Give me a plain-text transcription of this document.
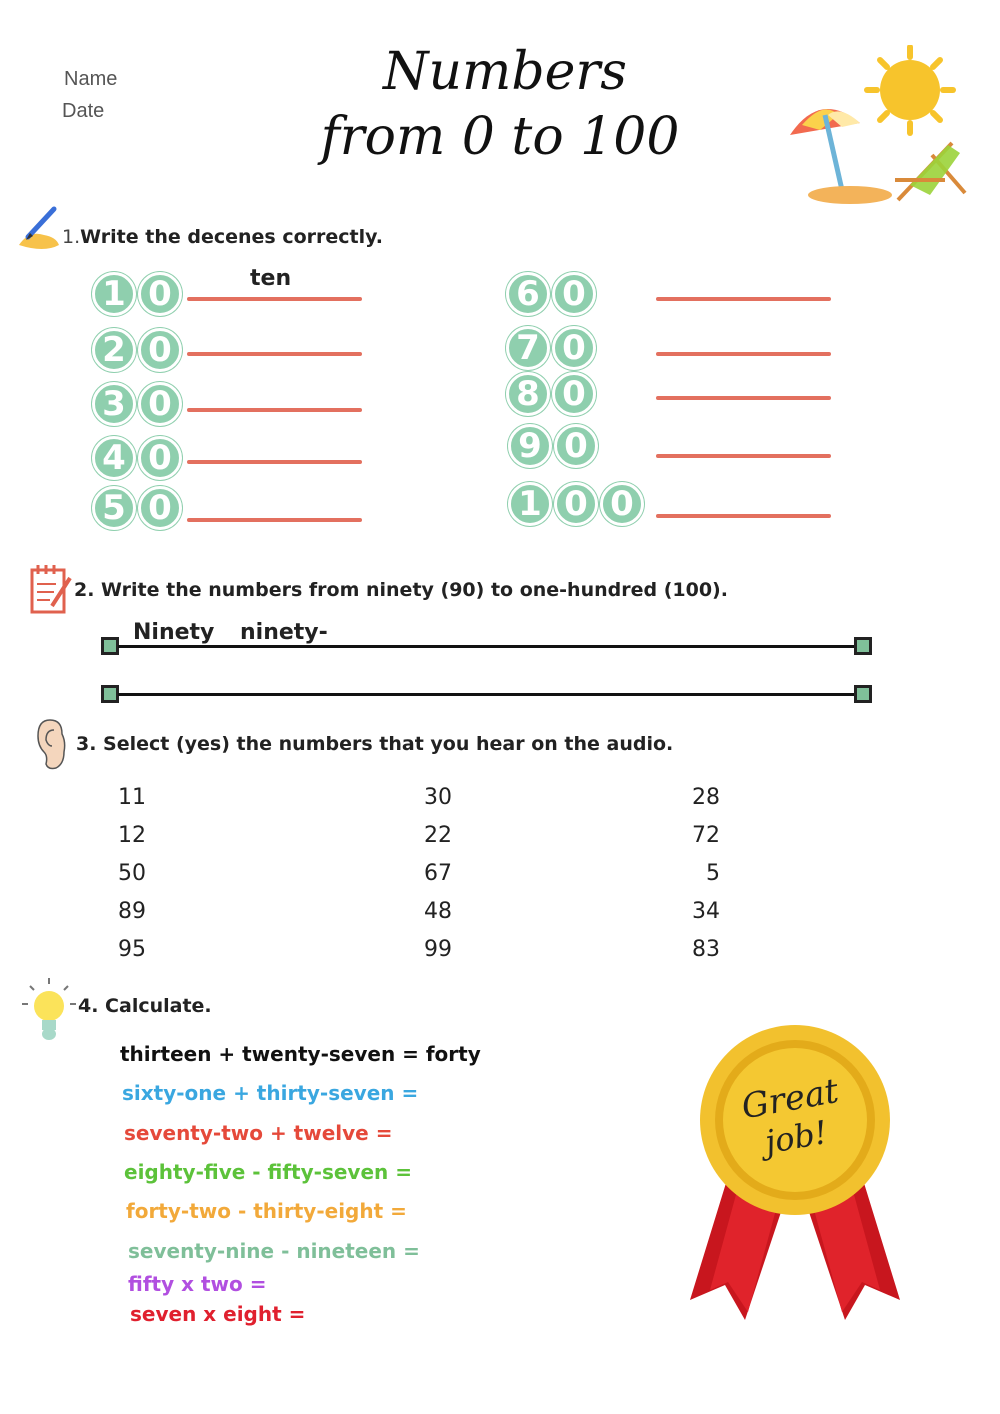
Name
Date
Numbers
from 0 to 100
1.Write the decenes correctly.
1 0	ten
2 0
3 0
4 0
5 0
6 0
7 0
8 0
9 0
1 0 0
2. Write the numbers from ninety (90) to one-hundred (100).
Ninety ninety-
3. Select (yes) the numbers that you hear on the audio.
11
12
50
89
95
30
22
67
48
99
28
72
5
34
83
4. Calculate.
thirteen + twenty-seven = forty
sixty-one + thirty-seven =
seventy-two + twelve =
eighty-five - fifty-seven =
forty-two - thirty-eight =
seventy-nine - nineteen =
fifty x two =
seven x eight =
Great
job!
